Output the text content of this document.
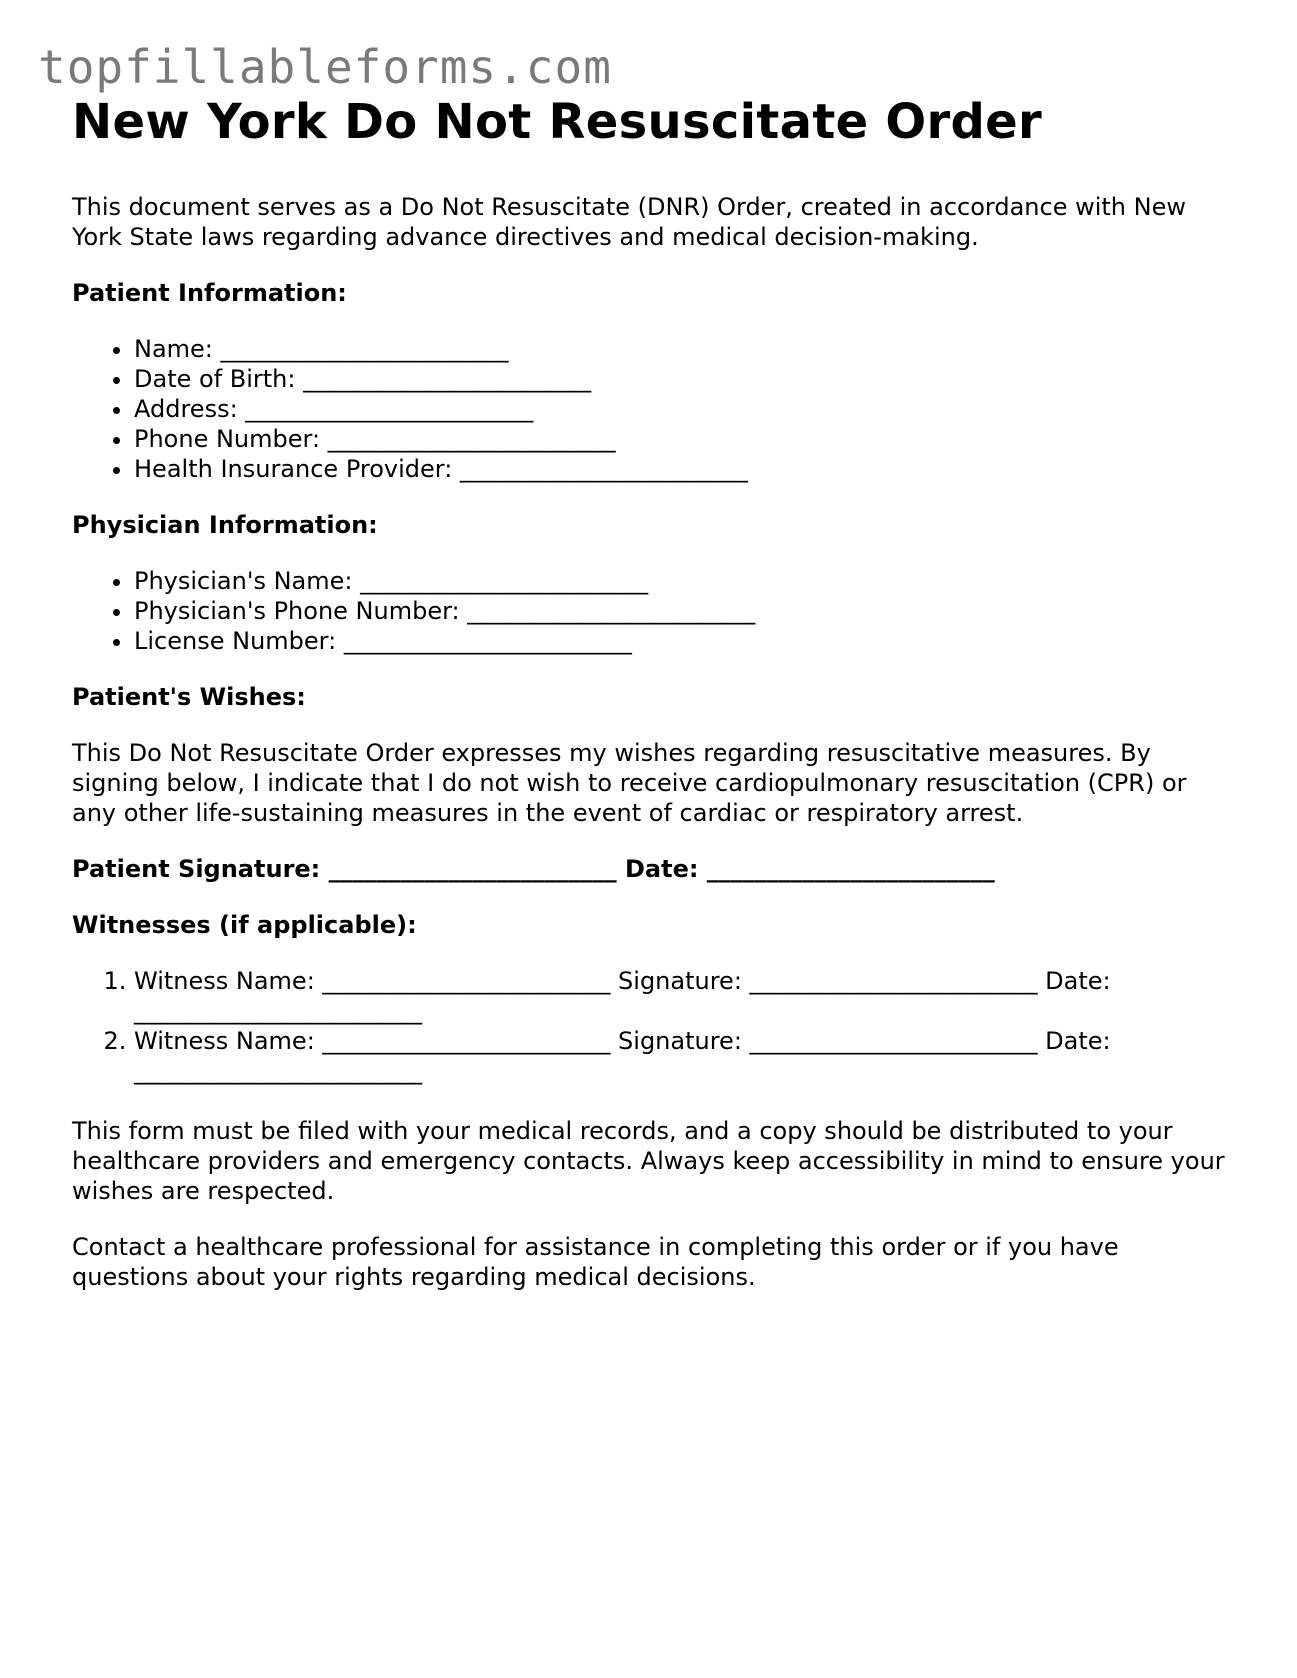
topfillableforms.com
New York Do Not Resuscitate Order

This document serves as a Do Not Resuscitate (DNR) Order, created in accordance with New York State laws regarding advance directives and medical decision-making.

Patient Information:
• Name: ________________________
• Date of Birth: ________________________
• Address: ________________________
• Phone Number: ________________________
• Health Insurance Provider: ________________________
Physician Information:
• Physician's Name: ________________________
• Physician's Phone Number: ________________________
• License Number: ________________________
Patient's Wishes:

This Do Not Resuscitate Order expresses my wishes regarding resuscitative measures. By signing below, I indicate that I do not wish to receive cardiopulmonary resuscitation (CPR) or any other life-sustaining measures in the event of cardiac or respiratory arrest.

Patient Signature: ________________________ Date: ________________________
Witnesses (if applicable):
1. Witness Name: ________________________ Signature: ________________________ Date: ________________________
2. Witness Name: ________________________ Signature: ________________________ Date: ________________________

This form must be filed with your medical records, and a copy should be distributed to your healthcare providers and emergency contacts. Always keep accessibility in mind to ensure your wishes are respected.

Contact a healthcare professional for assistance in completing this order or if you have questions about your rights regarding medical decisions.
